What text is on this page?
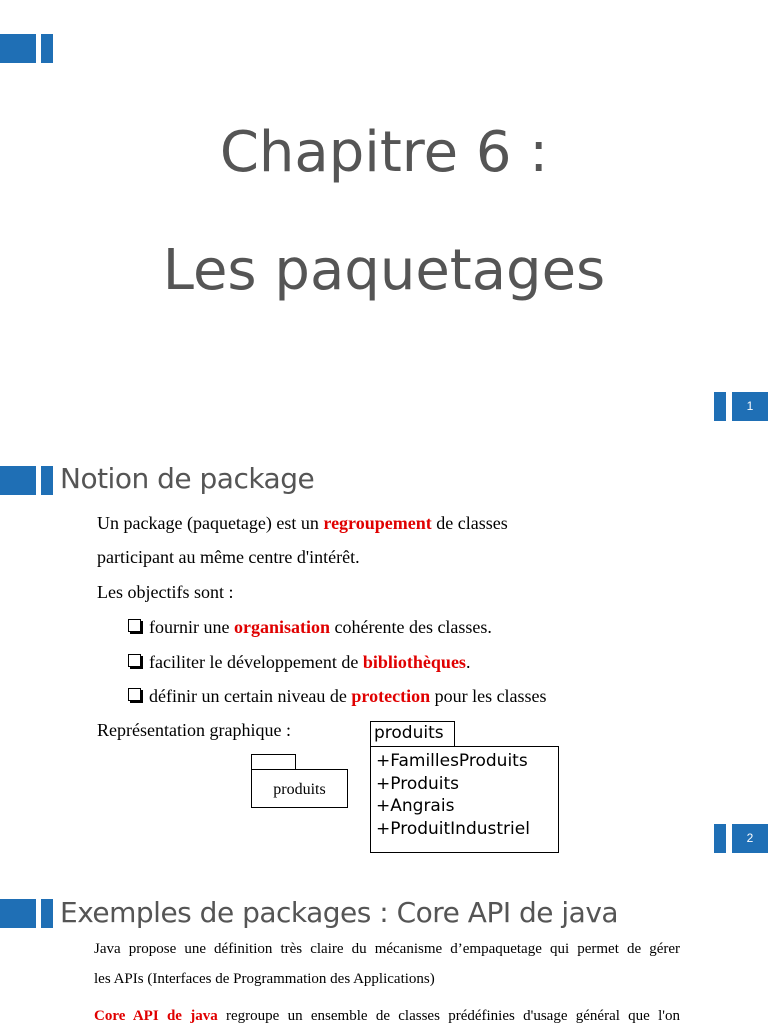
Chapitre 6 :
Les paquetages
1
Notion de package
Un package (paquetage) est un regroupement de classes
participant au même centre d'intérêt.
Les objectifs sont :
fournir une organisation cohérente des classes.
faciliter le développement de bibliothèques.
définir un certain niveau de protection pour les classes
Représentation graphique :
produits
produits
+FamillesProduits
+Produits
+Angrais
+ProduitIndustriel	2
Exemples de packages : Core API de java
Java propose une définition très claire du mécanisme d’empaquetage qui permet de gérer
les APIs (Interfaces de Programmation des Applications)
Core API de java regroupe un ensemble de classes prédéfinies d'usage général que l'on
